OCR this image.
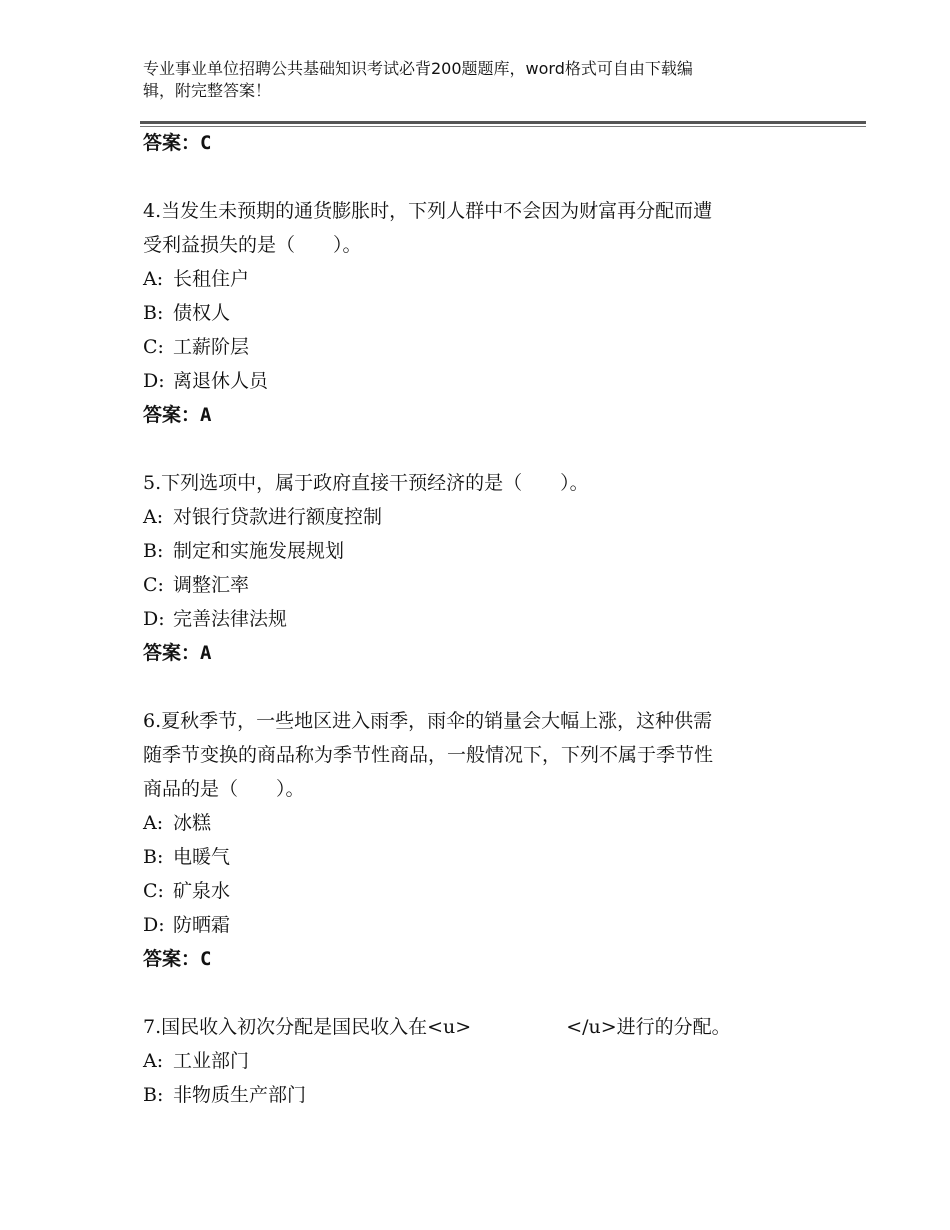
专业事业单位招聘公共基础知识考试必背200题题库，word格式可自由下载编
辑，附完整答案！
答案：C
4.当发生未预期的通货膨胀时，下列人群中不会因为财富再分配而遭
受利益损失的是（　　）。
A: 长租住户
B: 债权人
C: 工薪阶层
D: 离退休人员
答案：A
5.下列选项中，属于政府直接干预经济的是（　　）。
A: 对银行贷款进行额度控制
B: 制定和实施发展规划
C: 调整汇率
D: 完善法律法规
答案：A
6.夏秋季节，一些地区进入雨季，雨伞的销量会大幅上涨，这种供需
随季节变换的商品称为季节性商品，一般情况下，下列不属于季节性
商品的是（　　）。
A: 冰糕
B: 电暖气
C: 矿泉水
D: 防晒霜
答案：C
7.国民收入初次分配是国民收入在<u>　　　　　</u>进行的分配。
A: 工业部门
B: 非物质生产部门
